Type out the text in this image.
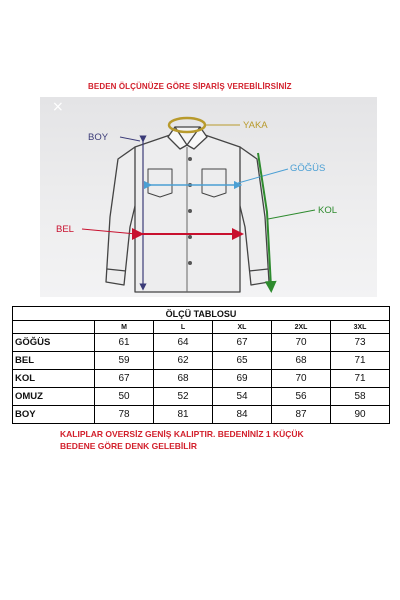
BEDEN ÖLÇÜNÜZE GÖRE SİPARİŞ VEREBİLİRSİNİZ
BOY
YAKA
GÖĞÜS
KOL
BEL
×
ÖLÇÜ TABLOSU					
	M	L	XL	2XL	3XL
GÖĞÜS	61	64	67	70	73
BEL	59	62	65	68	71
KOL	67	68	69	70	71
OMUZ	50	52	54	56	58
BOY	78	81	84	87	90
KALIPLAR OVERSİZ GENİŞ KALIPTIR. BEDENİNİZ 1 KÜÇÜK
BEDENE GÖRE DENK GELEBİLİR
